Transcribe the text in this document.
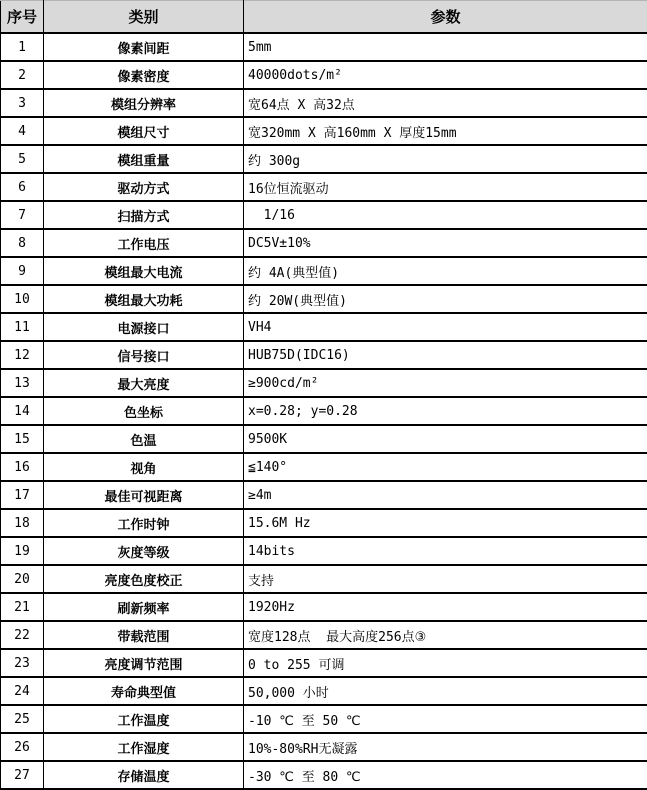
序号	类别	参数
1	像素间距	5mm
2	像素密度	40000dots/m²
3	模组分辨率	宽64点 X 高32点
4	模组尺寸	宽320mm X 高160mm X 厚度15mm
5	模组重量	约 300g
6	驱动方式	16位恒流驱动
7	扫描方式	1/16
8	工作电压	DC5V±10%
9	模组最大电流	约 4A(典型值)
10	模组最大功耗	约 20W(典型值)
11	电源接口	VH4
12	信号接口	HUB75D(IDC16)
13	最大亮度	≥900cd/m²
14	色坐标	x=0.28; y=0.28
15	色温	9500K
16	视角	≦140°
17	最佳可视距离	≥4m
18	工作时钟	15.6M Hz
19	灰度等级	14bits
20	亮度色度校正	支持
21	刷新频率	1920Hz
22	带载范围	宽度128点  最大高度256点③
23	亮度调节范围	0 to 255 可调
24	寿命典型值	50,000 小时
25	工作温度	-10 ℃ 至 50 ℃
26	工作湿度	10%-80%RH无凝露
27	存储温度	-30 ℃ 至 80 ℃
